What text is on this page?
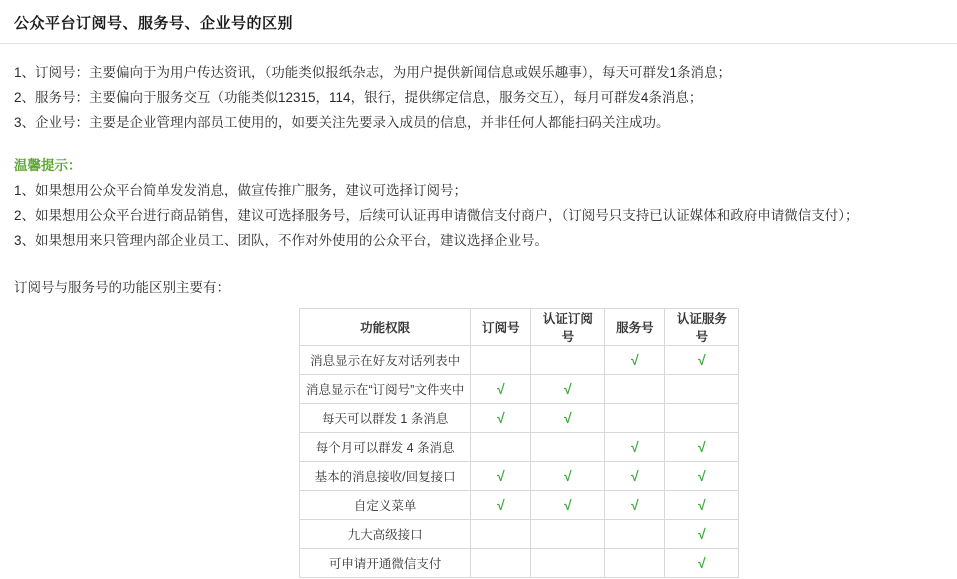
公众平台订阅号、服务号、企业号的区别
1、订阅号：主要偏向于为用户传达资讯，（功能类似报纸杂志，为用户提供新闻信息或娱乐趣事），每天可群发1条消息；
2、服务号：主要偏向于服务交互（功能类似12315，114，银行，提供绑定信息，服务交互），每月可群发4条消息；
3、企业号：主要是企业管理内部员工使用的，如要关注先要录入成员的信息，并非任何人都能扫码关注成功。
温馨提示：
1、如果想用公众平台简单发发消息，做宣传推广服务，建议可选择订阅号；
2、如果想用公众平台进行商品销售，建议可选择服务号，后续可认证再申请微信支付商户，（订阅号只支持已认证媒体和政府申请微信支付）；
3、如果想用来只管理内部企业员工、团队，不作对外使用的公众平台，建议选择企业号。
订阅号与服务号的功能区别主要有：
功能权限	订阅号	认证订阅号	服务号	认证服务号
消息显示在好友对话列表中			√	√
消息显示在“订阅号”文件夹中	√	√		
每天可以群发 1 条消息	√	√		
每个月可以群发 4 条消息			√	√
基本的消息接收/回复接口	√	√	√	√
自定义菜单	√	√	√	√
九大高级接口				√
可申请开通微信支付				√
